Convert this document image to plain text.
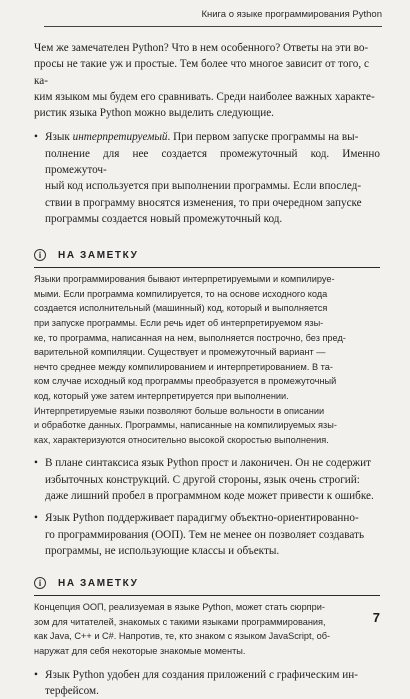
Книга о языке программирования Python

Чем же замечателен Python? Что в нем особенного? Ответы на эти во-
просы не такие уж и простые. Тем более что многое зависит от того, с ка-
ким языком мы будем его сравнивать. Среди наиболее важных характе-
ристик языка Python можно выделить следующие.

• Язык интерпретируемый. При первом запуске программы на вы-
полнение для нее создается промежуточный код. Именно промежуточ-
ный код используется при выполнении программы. Если впослед-
ствии в программу вносятся изменения, то при очередном запуске
программы создается новый промежуточный код.
i	НА ЗАМЕТКУ

Языки программирования бывают интерпретируемыми и компилируе-
мыми. Если программа компилируется, то на основе исходного кода
создается исполнительный (машинный) код, который и выполняется
при запуске программы. Если речь идет об интерпретируемом язы-
ке, то программа, написанная на нем, выполняется построчно, без пред-
варительной компиляции. Существует и промежуточный вариант —
нечто среднее между компилированием и интерпретированием. В та-
ком случае исходный код программы преобразуется в промежуточный
код, который уже затем интерпретируется при выполнении.
Интерпретируемые языки позволяют больше вольности в описании
и обработке данных. Программы, написанные на компилируемых язы-
ках, характеризуются относительно высокой скоростью выполнения.

• В плане синтаксиса язык Python прост и лаконичен. Он не содержит
избыточных конструкций. С другой стороны, язык очень строгий:
даже лишний пробел в программном коде может привести к ошибке.
• Язык Python поддерживает парадигму объектно-ориентированно-
го программирования (ООП). Тем не менее он позволяет создавать
программы, не использующие классы и объекты.
i	НА ЗАМЕТКУ

Концепция ООП, реализуемая в языке Python, может стать сюрпри-
зом для читателей, знакомых с такими языками программирования,
как Java, C++ и C#. Напротив, те, кто знаком с языком JavaScript, об-
наружат для себя некоторые знакомые моменты.

• Язык Python удобен для создания приложений с графическим ин-
терфейсом.
7
